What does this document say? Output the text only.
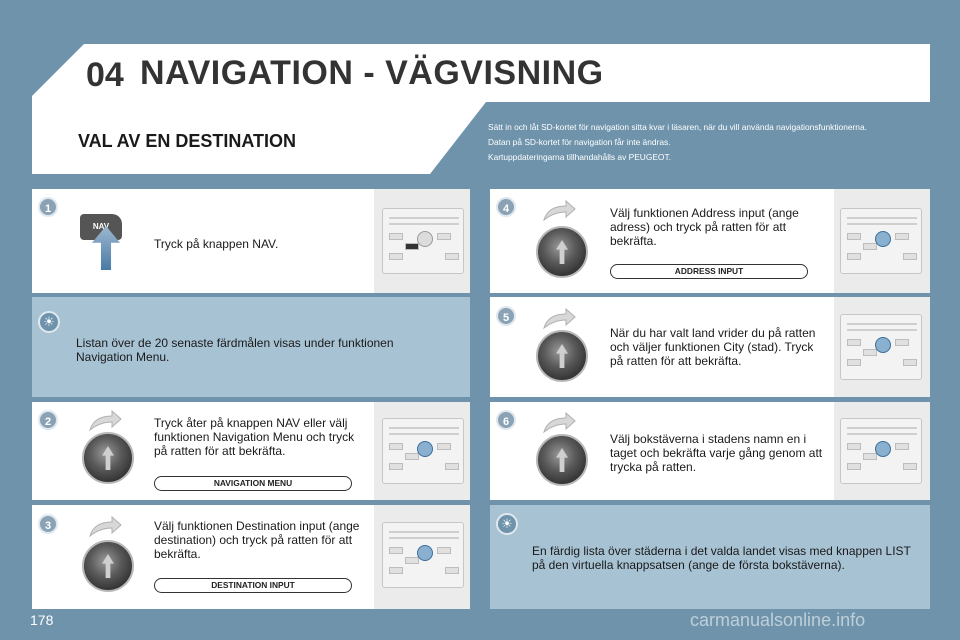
04 NAVIGATION - VÄGVISNING
VAL AV EN DESTINATION
Sätt in och låt SD-kortet för navigation sitta kvar i läsaren, när du vill använda navigationsfunktionerna.
Datan på SD-kortet för navigation får inte ändras.
Kartuppdateringarna tillhandahålls av PEUGEOT.
1
NAV
Tryck på knappen NAV.
☀
Listan över de 20 senaste färdmålen visas under funktionen Navigation Menu.
2	Tryck åter på knappen NAV eller välj funktionen Navigation Menu och tryck på ratten för att bekräfta.
NAVIGATION MENU
3	Välj funktionen Destination input (ange destination) och tryck på ratten för att bekräfta.
DESTINATION INPUT
4	Välj funktionen Address input (ange adress) och tryck på ratten för att bekräfta.
ADDRESS INPUT
5
När du har valt land vrider du på ratten och väljer funktionen City (stad). Tryck på ratten för att bekräfta.
6
Välj bokstäverna i stadens namn en i taget och bekräfta varje gång genom att trycka på ratten.
☀
En färdig lista över städerna i det valda landet visas med knappen LIST på den virtuella knappsatsen (ange de första bokstäverna).
178	carmanualsonline.info
